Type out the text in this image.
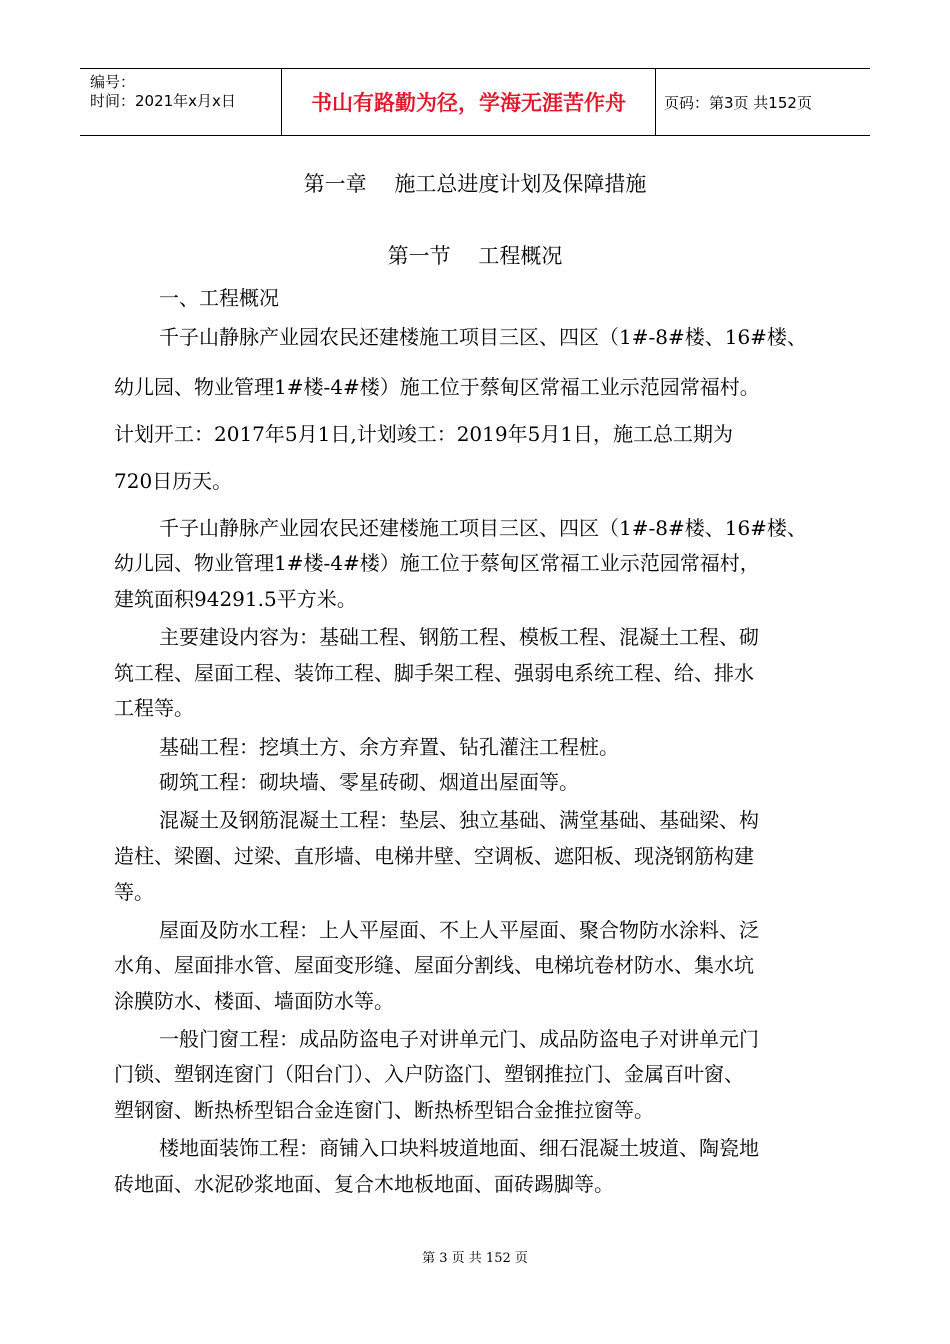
编号：
时间：2021年x月x日	书山有路勤为径，学海无涯苦作舟	页码：第3页 共152页
第一章　 施工总进度计划及保障措施
第一节　 工程概况
一、工程概况
千子山静脉产业园农民还建楼施工项目三区、四区（1#-8#楼、16#楼、
幼儿园、物业管理1#楼-4#楼）施工位于蔡甸区常福工业示范园常福村。
计划开工：2017年5月1日,计划竣工：2019年5月1日，施工总工期为
720日历天。
千子山静脉产业园农民还建楼施工项目三区、四区（1#-8#楼、16#楼、
幼儿园、物业管理1#楼-4#楼）施工位于蔡甸区常福工业示范园常福村，
建筑面积94291.5平方米。
主要建设内容为：基础工程、钢筋工程、模板工程、混凝土工程、砌
筑工程、屋面工程、装饰工程、脚手架工程、强弱电系统工程、给、排水
工程等。
基础工程：挖填土方、余方弃置、钻孔灌注工程桩。
砌筑工程：砌块墙、零星砖砌、烟道出屋面等。
混凝土及钢筋混凝土工程：垫层、独立基础、满堂基础、基础梁、构
造柱、梁圈、过梁、直形墙、电梯井壁、空调板、遮阳板、现浇钢筋构建
等。
屋面及防水工程：上人平屋面、不上人平屋面、聚合物防水涂料、泛
水角、屋面排水管、屋面变形缝、屋面分割线、电梯坑卷材防水、集水坑
涂膜防水、楼面、墙面防水等。
一般门窗工程：成品防盗电子对讲单元门、成品防盗电子对讲单元门
门锁、塑钢连窗门（阳台门）、入户防盗门、塑钢推拉门、金属百叶窗、
塑钢窗、断热桥型铝合金连窗门、断热桥型铝合金推拉窗等。
楼地面装饰工程：商铺入口块料坡道地面、细石混凝土坡道、陶瓷地
砖地面、水泥砂浆地面、复合木地板地面、面砖踢脚等。
第 3 页 共 152 页
